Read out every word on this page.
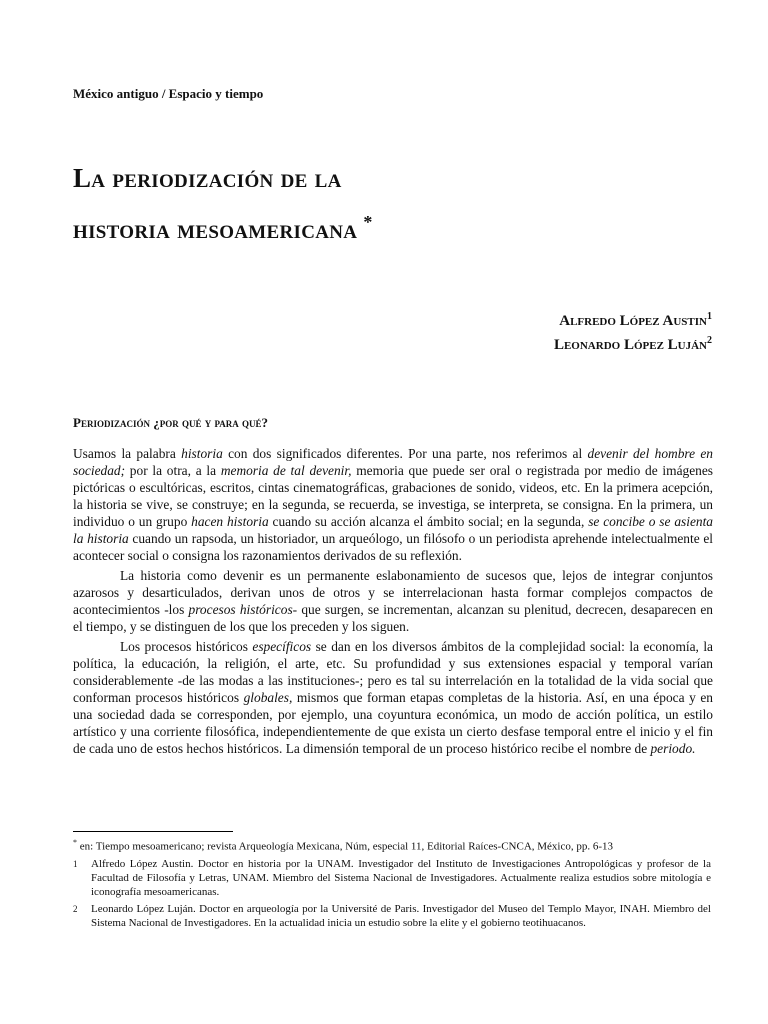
México antiguo / Espacio y tiempo
La periodización de la
historia mesoamericana *
Alfredo López Austin$^1$
Leonardo López Luján$^2$
Periodización ¿por qué y para qué?

Usamos la palabra historia con dos significados diferentes. Por una parte, nos referimos al devenir del hombre en sociedad; por la otra, a la memoria de tal devenir, memoria que puede ser oral o registrada por medio de imágenes pictóricas o escultóricas, escritos, cintas cinematográficas, grabaciones de sonido, videos, etc. En la primera acepción, la historia se vive, se construye; en la segunda, se recuerda, se investiga, se interpreta, se consigna. En la primera, un individuo o un grupo hacen historia cuando su acción alcanza el ámbito social; en la segunda, se concibe o se asienta la historia cuando un rapsoda, un historiador, un arqueólogo, un filósofo o un periodista aprehende intelectualmente el acontecer social o consigna los razonamientos derivados de su reflexión.

La historia como devenir es un permanente eslabonamiento de sucesos que, lejos de integrar conjuntos azarosos y desarticulados, derivan unos de otros y se interrelacionan hasta formar complejos compactos de acontecimientos -los procesos históricos- que surgen, se incrementan, alcanzan su plenitud, decrecen, desaparecen en el tiempo, y se distinguen de los que los preceden y los siguen.

Los procesos históricos específicos se dan en los diversos ámbitos de la complejidad social: la economía, la política, la educación, la religión, el arte, etc. Su profundidad y sus extensiones espacial y temporal varían considerablemente -de las modas a las instituciones-; pero es tal su interrelación en la totalidad de la vida social que conforman procesos históricos globales, mismos que forman etapas completas de la historia. Así, en una época y en una sociedad dada se corresponden, por ejemplo, una coyuntura económica, un modo de acción política, un estilo artístico y una corriente filosófica, independientemente de que exista un cierto desfase temporal entre el inicio y el fin de cada uno de estos hechos históricos. La dimensión temporal de un proceso histórico recibe el nombre de periodo.

* en: Tiempo mesoamericano; revista Arqueología Mexicana, Núm, especial 11, Editorial Raíces-CNCA, México, pp. 6-13
1 Alfredo López Austin. Doctor en historia por la UNAM. Investigador del Instituto de Investigaciones Antropológicas y profesor de la Facultad de Filosofía y Letras, UNAM. Miembro del Sistema Nacional de Investigadores. Actualmente realiza estudios sobre mitología e iconografía mesoamericanas.
2 Leonardo López Luján. Doctor en arqueología por la Université de Paris. Investigador del Museo del Templo Mayor, INAH. Miembro del Sistema Nacional de Investigadores. En la actualidad inicia un estudio sobre la elite y el gobierno teotihuacanos.
